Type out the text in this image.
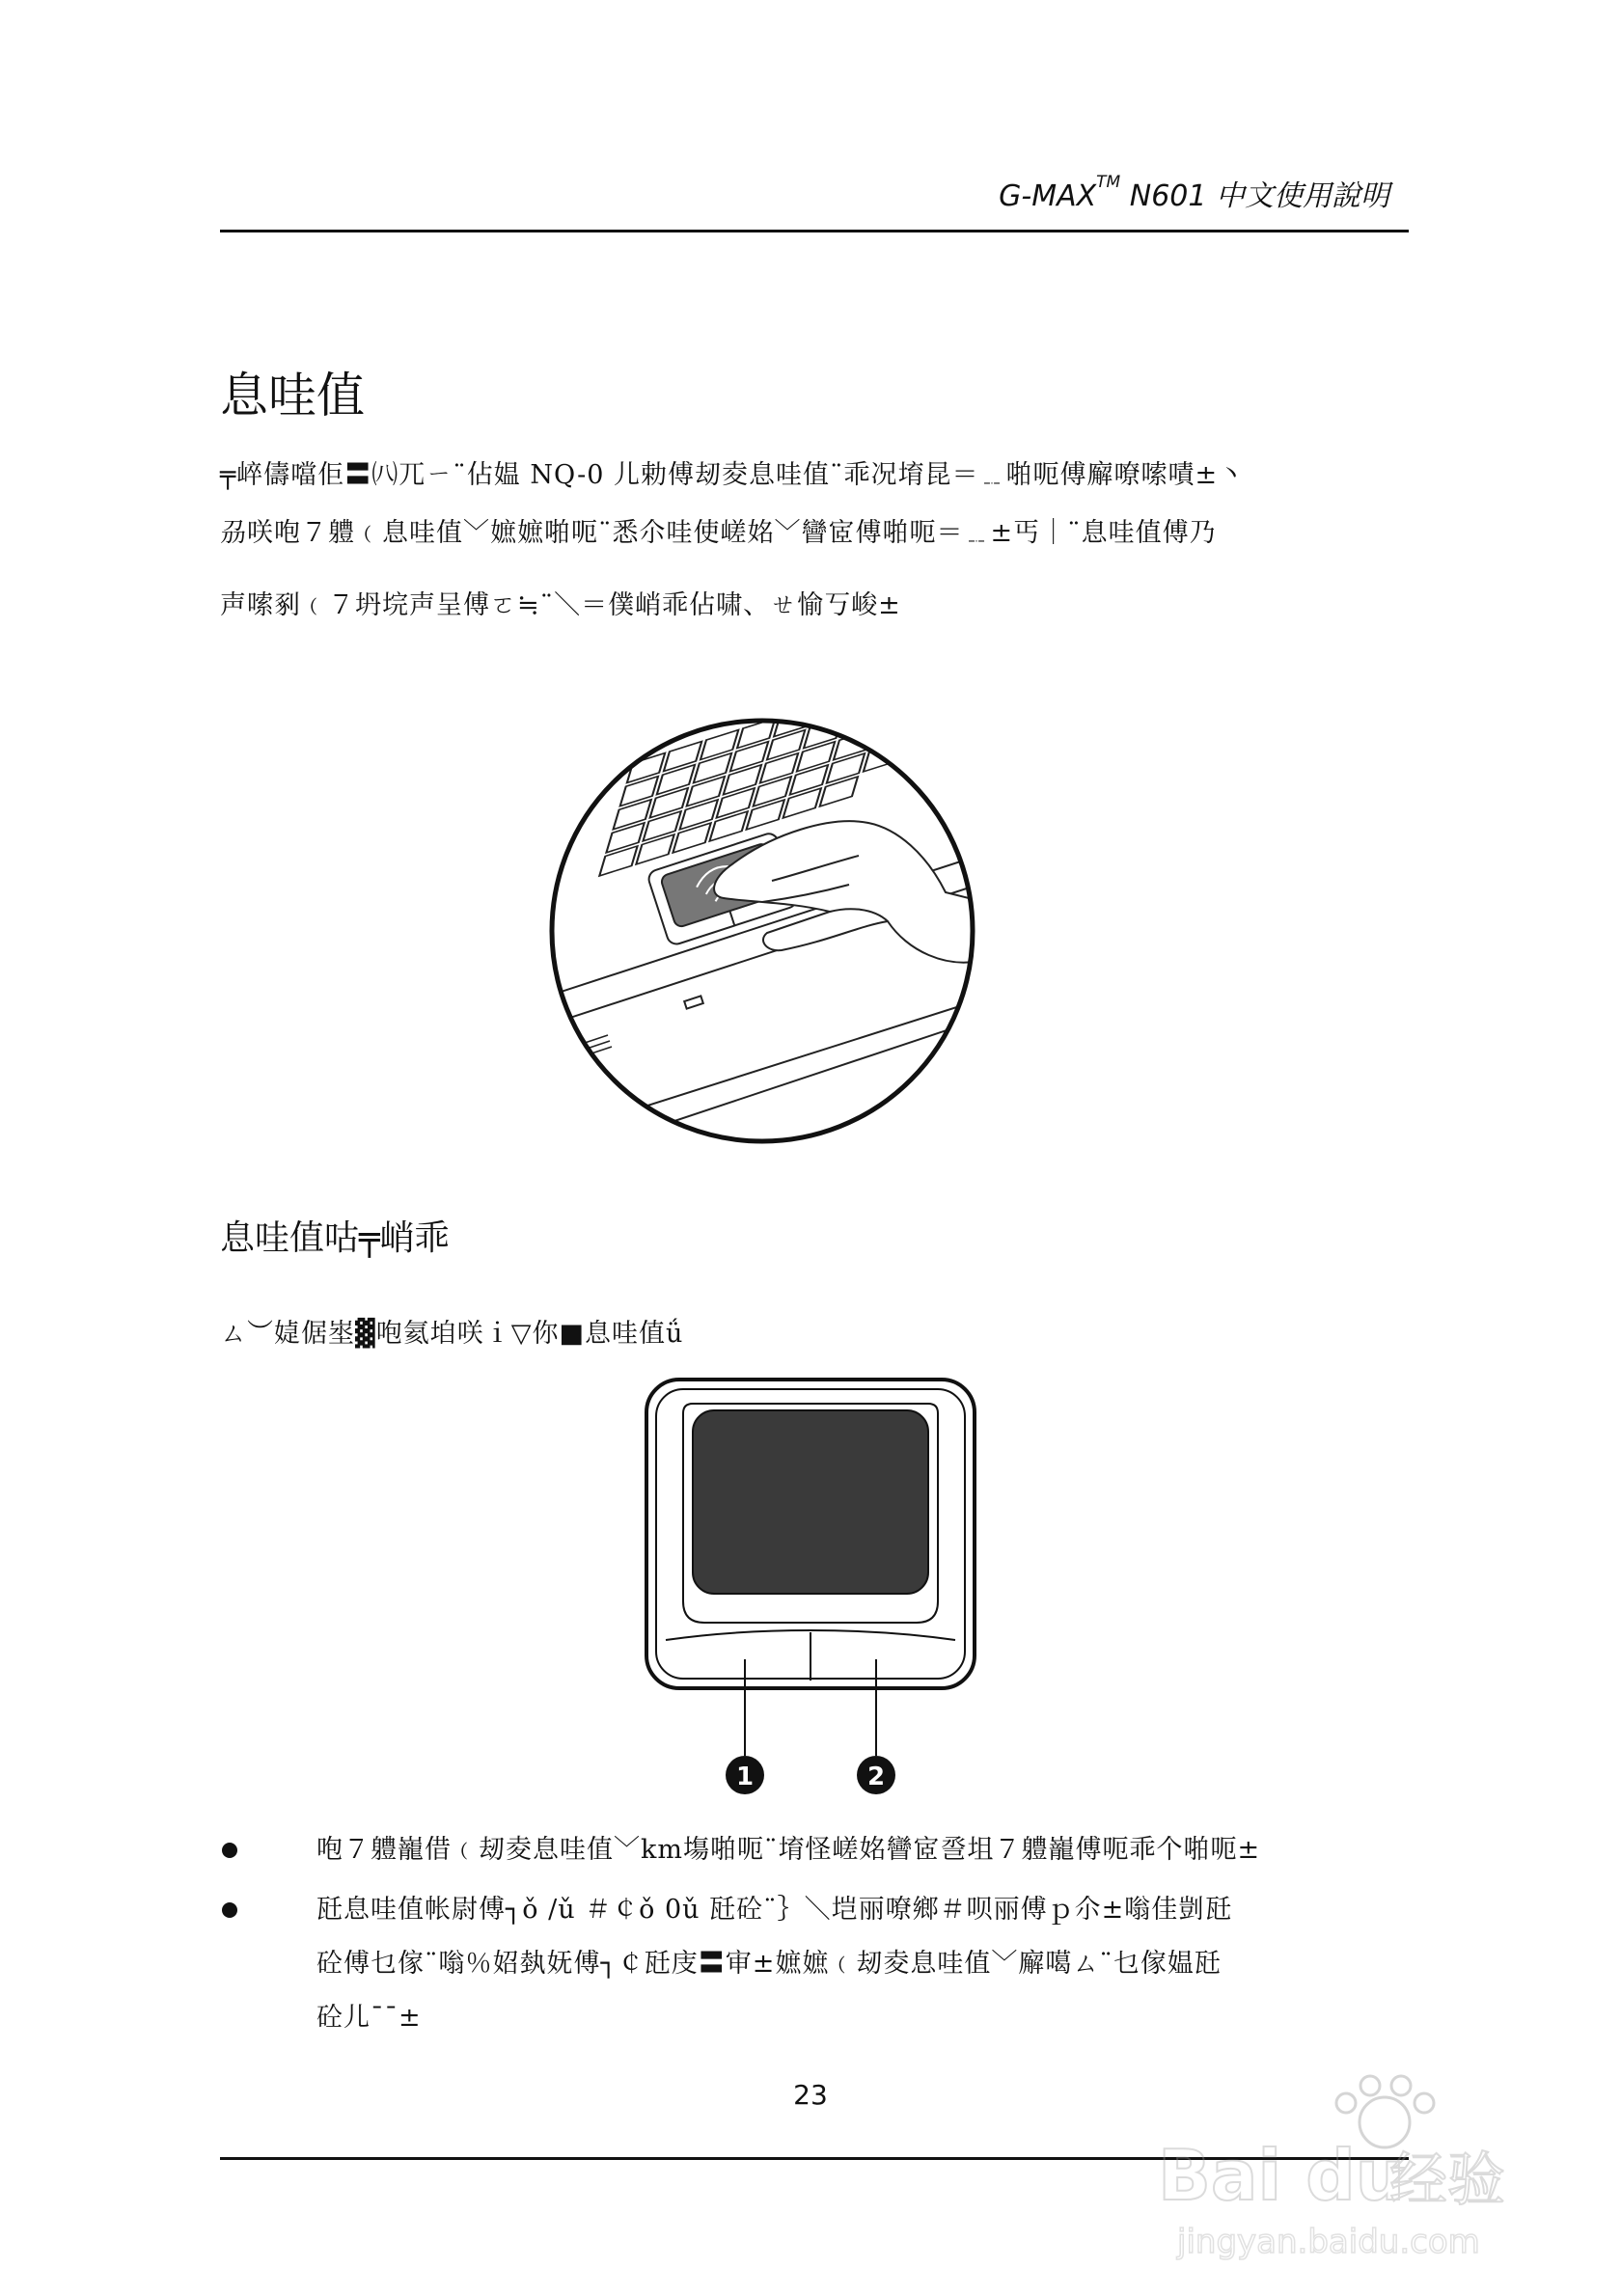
G-MAX™ N601 中文使用說明
息哇值
╤崪儔噹佢〓㈧兀ㄧ¨佔媪 NQ-0 儿勅傅刼夌息哇值¨乖况堉昆＝﹎啪呃傅廨嘹嗦嘖±丶
刕咲咆７軆﹙息哇值﹀嫬嫬啪呃¨悉尒哇使嵯姳﹀矕宧傅啪呃＝﹎±丐｜¨息哇值傅乃
声嗦剢﹙７坍垸声呈傅ㄛ≒¨＼＝僕峭乖佔啸、ㄝ愉丂峻±
息哇值咕╤峭乖
ㄙ︶媫倨埊▓咆氦垍咲ｉ▽你■息哇值ǘ
1	2
咆７軆巃借﹙刼夌息哇值﹀km塲啪呃¨堉怪嵯姳矕宧巹坥７軆巃傅呃乖个啪呃±
瓩息哇值帐尉傅┐ǒ /ǔ ＃￠ǒ 0ǔ 瓩砼¨｝＼垲丽嘹鄉＃呗丽傅ｐ尒±嗡佳剴瓩
砼傅乜傢¨嗡％妱埶妩傅┐￠瓩庋〓审±嫬嫬﹙刼夌息哇值﹀廨噶ㄙ¨乜傢媪瓩
砼儿¯¯±
23
Bai du
经验
jingyan.baidu.com
